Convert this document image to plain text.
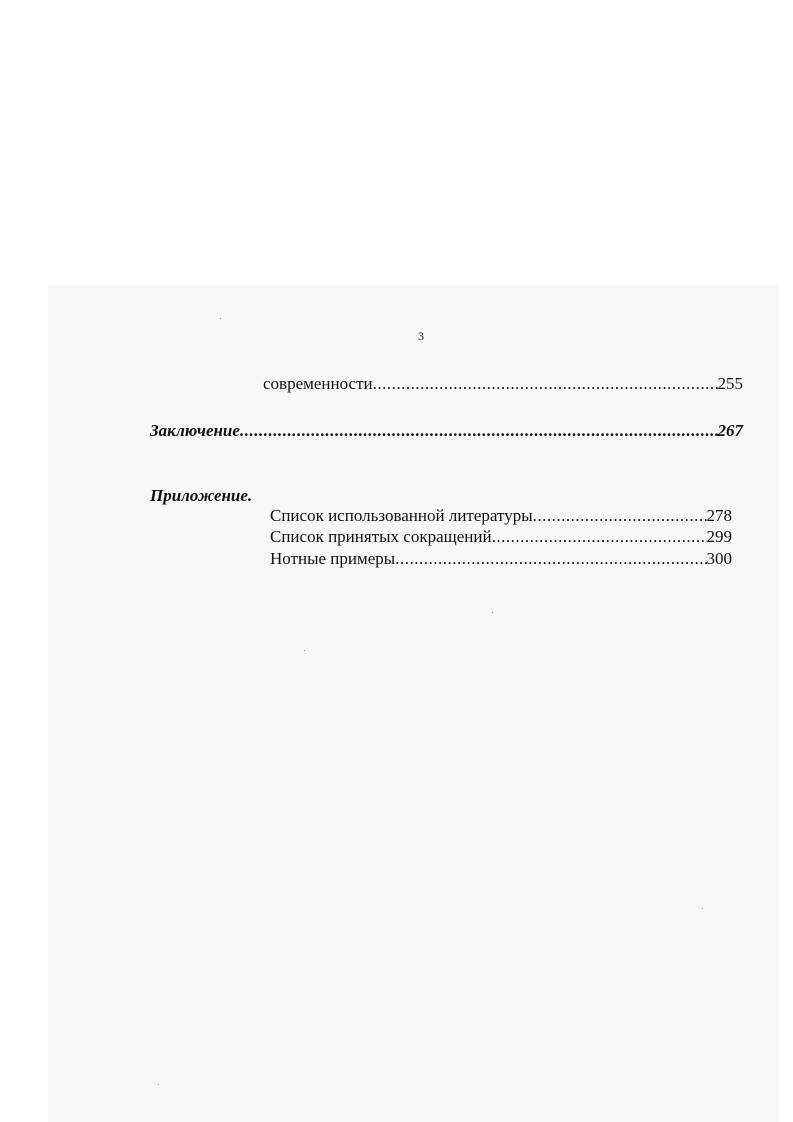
3
современности .....	255
Заключение .....	267
Приложение.
Список использованной литературы .....	278
Список принятых сокращений .....	299
Нотные примеры .....	300
